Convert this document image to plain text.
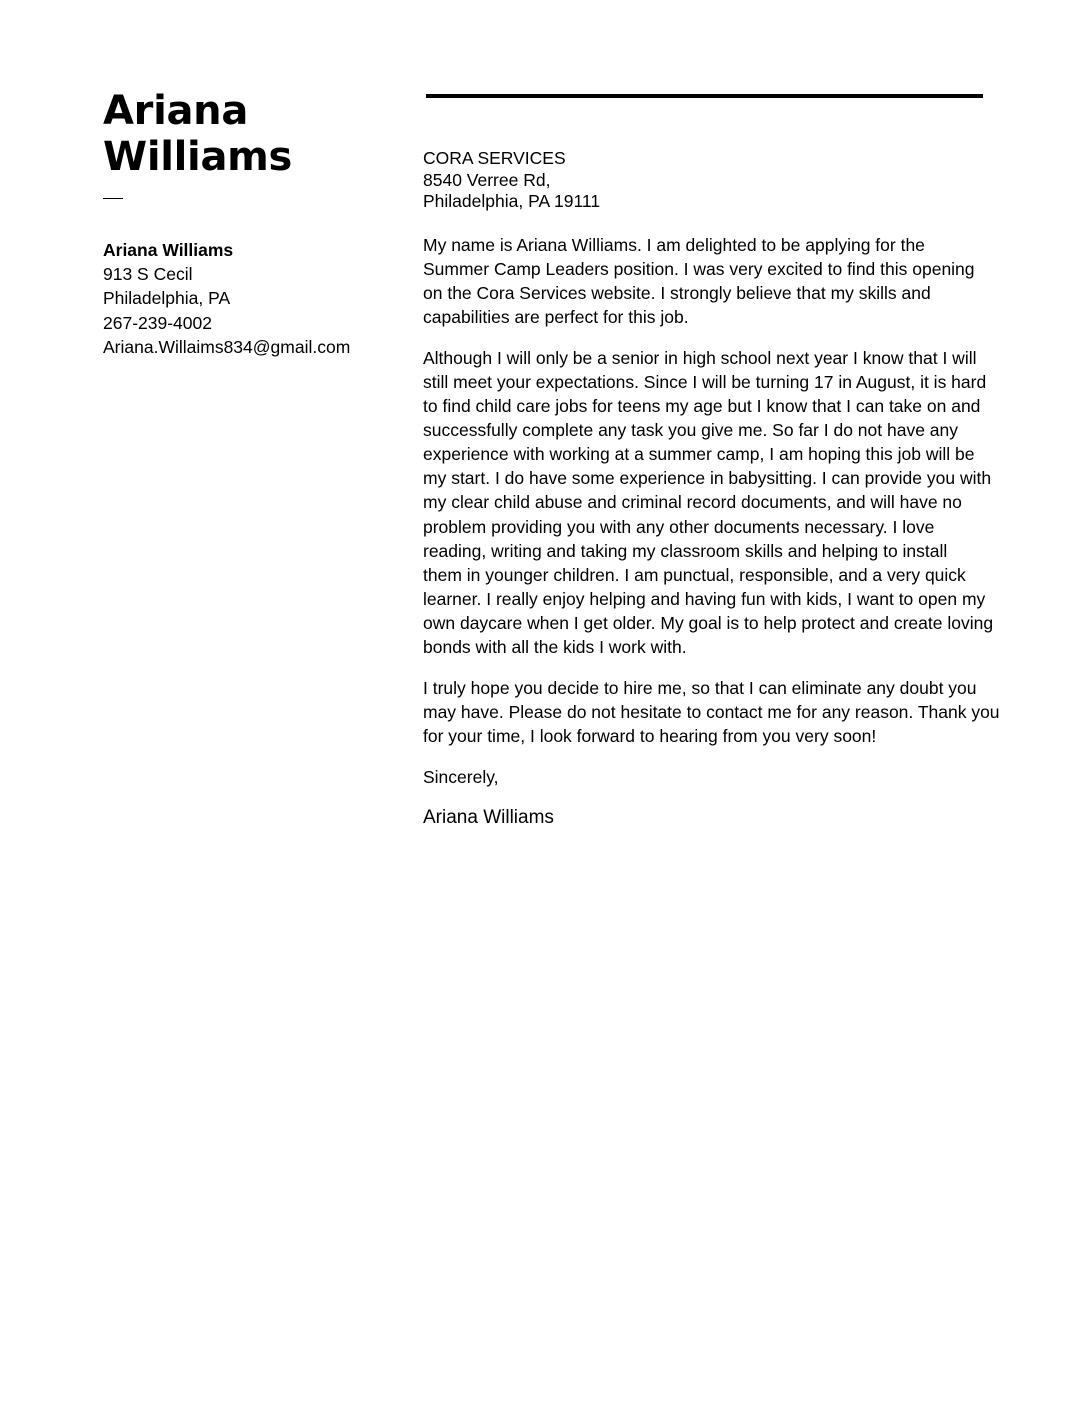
Ariana
Williams
Ariana Williams
913 S Cecil
Philadelphia, PA
267-239-4002
Ariana.Willaims834@gmail.com
CORA SERVICES
8540 Verree Rd,
Philadelphia, PA 19111

My name is Ariana Williams. I am delighted to be applying for the
Summer Camp Leaders position. I was very excited to find this opening
on the Cora Services website. I strongly believe that my skills and
capabilities are perfect for this job.

Although I will only be a senior in high school next year I know that I will
still meet your expectations. Since I will be turning 17 in August, it is hard
to find child care jobs for teens my age but I know that I can take on and
successfully complete any task you give me. So far I do not have any
experience with working at a summer camp, I am hoping this job will be
my start. I do have some experience in babysitting. I can provide you with
my clear child abuse and criminal record documents, and will have no
problem providing you with any other documents necessary. I love
reading, writing and taking my classroom skills and helping to install
them in younger children. I am punctual, responsible, and a very quick
learner. I really enjoy helping and having fun with kids, I want to open my
own daycare when I get older. My goal is to help protect and create loving
bonds with all the kids I work with.

I truly hope you decide to hire me, so that I can eliminate any doubt you
may have. Please do not hesitate to contact me for any reason. Thank you
for your time, I look forward to hearing from you very soon!

Sincerely,
Ariana Williams
